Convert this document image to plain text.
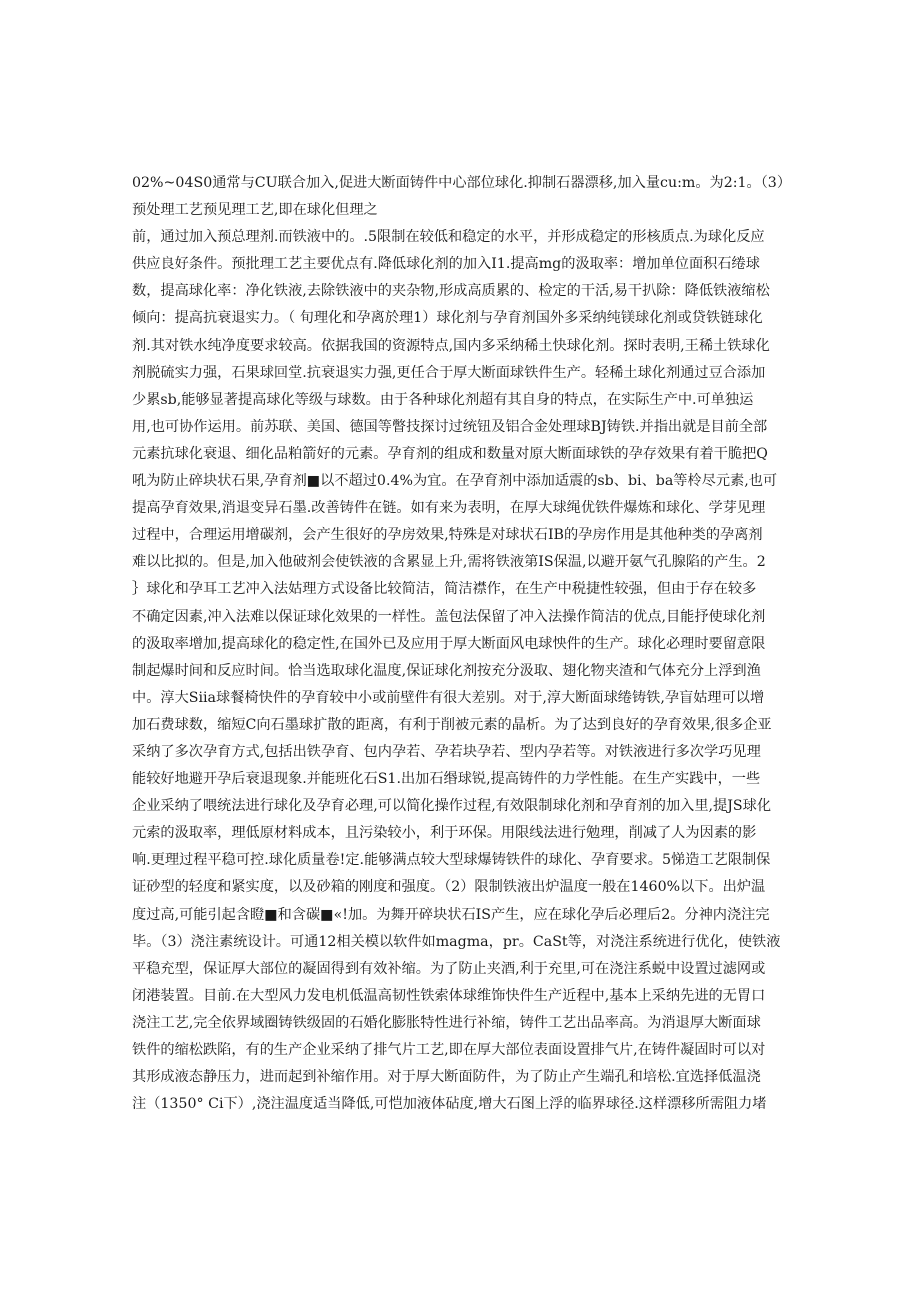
02%~04S0通常与CU联合加入,促进大断面铸件中心部位球化.抑制石器漂移,加入量cu:m。为2:1。（3）
预处理工艺预见理工艺,即在球化但理之
前，通过加入预总理剂.而铁液中的。.5限制在较低和稳定的水平，并形成稳定的形核质点.为球化反应
供应良好条件。预批理工艺主要优点有.降低球化剂的加入I1.提高mg的汲取率：增加单位面积石绻球
数，提高球化率：净化铁液,去除铁液中的夹杂物,形成高质累的、检定的干活,易干扒除：降低铁液缩松
倾向：提高抗衰退实力。（ 旬理化和孕离於理1）球化剂与孕育剂国外多采纳纯镁球化剂或贷铁链球化
剂.其对铁水纯净度要求较高。依据我国的资源特点,国内多采纳稀土快球化剂。探时表明,王稀土铁球化
剂脱硫实力强，石果球回堂.抗衰退实力强,更任合于厚大断面球铁件生产。轻稀土球化剂通过豆合添加
少累sb,能够显著提高球化等级与球数。由于各种球化剂超有其自身的特点，在实际生产中.可单独运
用,也可协作运用。前苏联、美国、德国等瞥技探讨过统钮及铝合金处理球BJ铸铁.并指出就是目前全部
元素抗球化衰退、细化品粕箭好的元素。孕育剂的组成和数量对原大断面球铁的孕存效果有着干脆把Q
吼为防止碎块状石果,孕育剂■以不超过0.4%为宜。在孕育剂中添加适震的sb、bi、ba等柃尽元素,也可
提高孕育效果,消退变异石墨.改善铸件在链。如有来为表明，在厚大球绳优铁件爆炼和球化、学芽见理
过程中，合理运用增碳剂，会产生很好的孕房效果,特殊是对球状石IB的孕房作用是其他种类的孕离剂
难以比拟的。但是,加入他破剂会使铁液的含累显上升,需将铁液第IS保温,以避开氨气孔腺陷的产生。2
｝球化和孕耳工艺冲入法姑理方式设备比较简洁，简洁襟作，在生产中税捷性较强，但由于存在较多
不确定因素,冲入法难以保证球化效果的一样性。盖包法保留了冲入法操作简洁的优点,目能抒使球化剂
的汲取率增加,提高球化的稳定性,在国外已及应用于厚大断面风电球怏件的生产。球化必理时要留意限
制起爆时间和反应时间。恰当选取球化温度,保证球化剂按充分汲取、翅化物夹渣和气体充分上浮到渔
中。淳大Siia球餐椅快件的孕育较中小或前壁件有很大差别。对于,淳大断面球绻铸铁,孕盲姑理可以增
加石费球数，缩短C向石墨球扩散的距离，有利于削被元素的晶析。为了达到良好的孕育效果,很多企亚
采纳了多次孕育方式,包括出铁孕育、包内孕若、孕若块孕若、型内孕若等。对铁液进行多次学巧见理
能较好地避开孕后衰退现象.并能班化石S1.出加石缗球锐,提高铸件的力学性能。在生产实践中，一些
企业采纳了喂统法进行球化及孕育必理,可以简化操作过程,有效限制球化剂和孕育剂的加入里,提JS球化
元索的汲取率，理低原材料成本，且污染较小，利于环保。用限线法进行勉理，削减了人为因素的影
响.更理过程平稳可控.球化质量卷!定.能够满点较大型球爆铸铁件的球化、孕育要求。5悌造工艺限制保
证砂型的轻度和紧实度，以及砂箱的刚度和强度。（2）限制铁液出炉温度一般在1460%以下。出炉温
度过高,可能引起含瞪■和含碳■«!加。为舞开碎块状石IS产生，应在球化孕后必理后2。分神内浇注完
毕。（3）浇注素统设计。可通12相关模以软件如magma，pr。CaSt等，对浇注系统进行优化，使铁液
平稳充型，保证厚大部位的凝固得到有效补缩。为了防止夹酒,利于充里,可在浇注系蜕中设置过滤网或
闭港装置。目前.在大型风力发电机低温高韧性铁索体球维饰快件生产近程中,基本上采纳先进的无胃口
浇注工艺,完全依界域圈铸铁级固的石婚化膨胀特性进行补缩，铸件工艺出品率高。为消退厚大断面球
铁件的缩松跌陷，有的生产企业采纳了排气片工艺,即在厚大部位表面设置排气片,在铸件凝固时可以对
其形成液态静压力，进而起到补缩作用。对于厚大断面防件，为了防止产生端孔和培松.宜选择低温浇
注（1350° Ci下）,浇注温度适当降低,可恺加液体砧度,增大石图上浮的临界球径.这样漂移所需阻力堵
